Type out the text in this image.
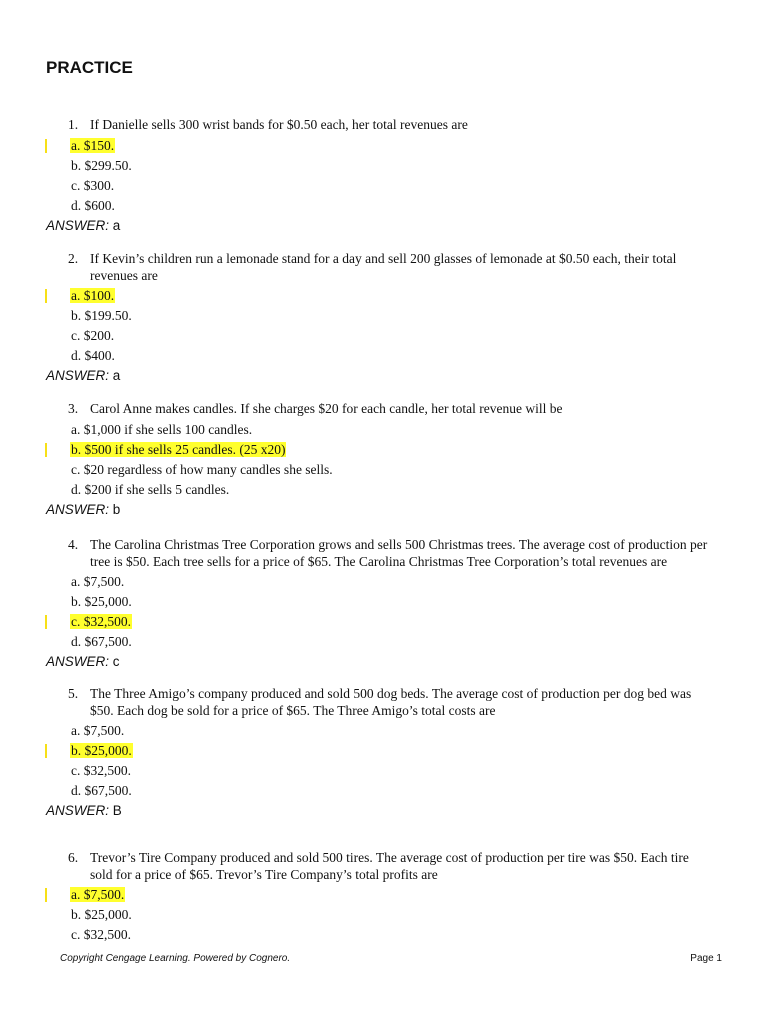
PRACTICE
1. If Danielle sells 300 wrist bands for $0.50 each, her total revenues are
a. $150.
b. $299.50.
c. $300.
d. $600.
ANSWER: a
2. If Kevin’s children run a lemonade stand for a day and sell 200 glasses of lemonade at $0.50 each, their total revenues are
a. $100.
b. $199.50.
c. $200.
d. $400.
ANSWER: a
3. Carol Anne makes candles. If she charges $20 for each candle, her total revenue will be
a. $1,000 if she sells 100 candles.
b. $500 if she sells 25 candles. (25 x20)
c. $20 regardless of how many candles she sells.
d. $200 if she sells 5 candles.
ANSWER: b
4. The Carolina Christmas Tree Corporation grows and sells 500 Christmas trees. The average cost of production per tree is $50. Each tree sells for a price of $65. The Carolina Christmas Tree Corporation’s total revenues are
a. $7,500.
b. $25,000.
c. $32,500.
d. $67,500.
ANSWER: c
5. The Three Amigo’s company produced and sold 500 dog beds. The average cost of production per dog bed was $50. Each dog be sold for a price of $65. The Three Amigo’s total costs are
a. $7,500.
b. $25,000.
c. $32,500.
d. $67,500.
ANSWER: B
6. Trevor’s Tire Company produced and sold 500 tires. The average cost of production per tire was $50. Each tire sold for a price of $65. Trevor’s Tire Company’s total profits are
a. $7,500.
b. $25,000.
c. $32,500.
Copyright Cengage Learning. Powered by Cognero.	Page 1
